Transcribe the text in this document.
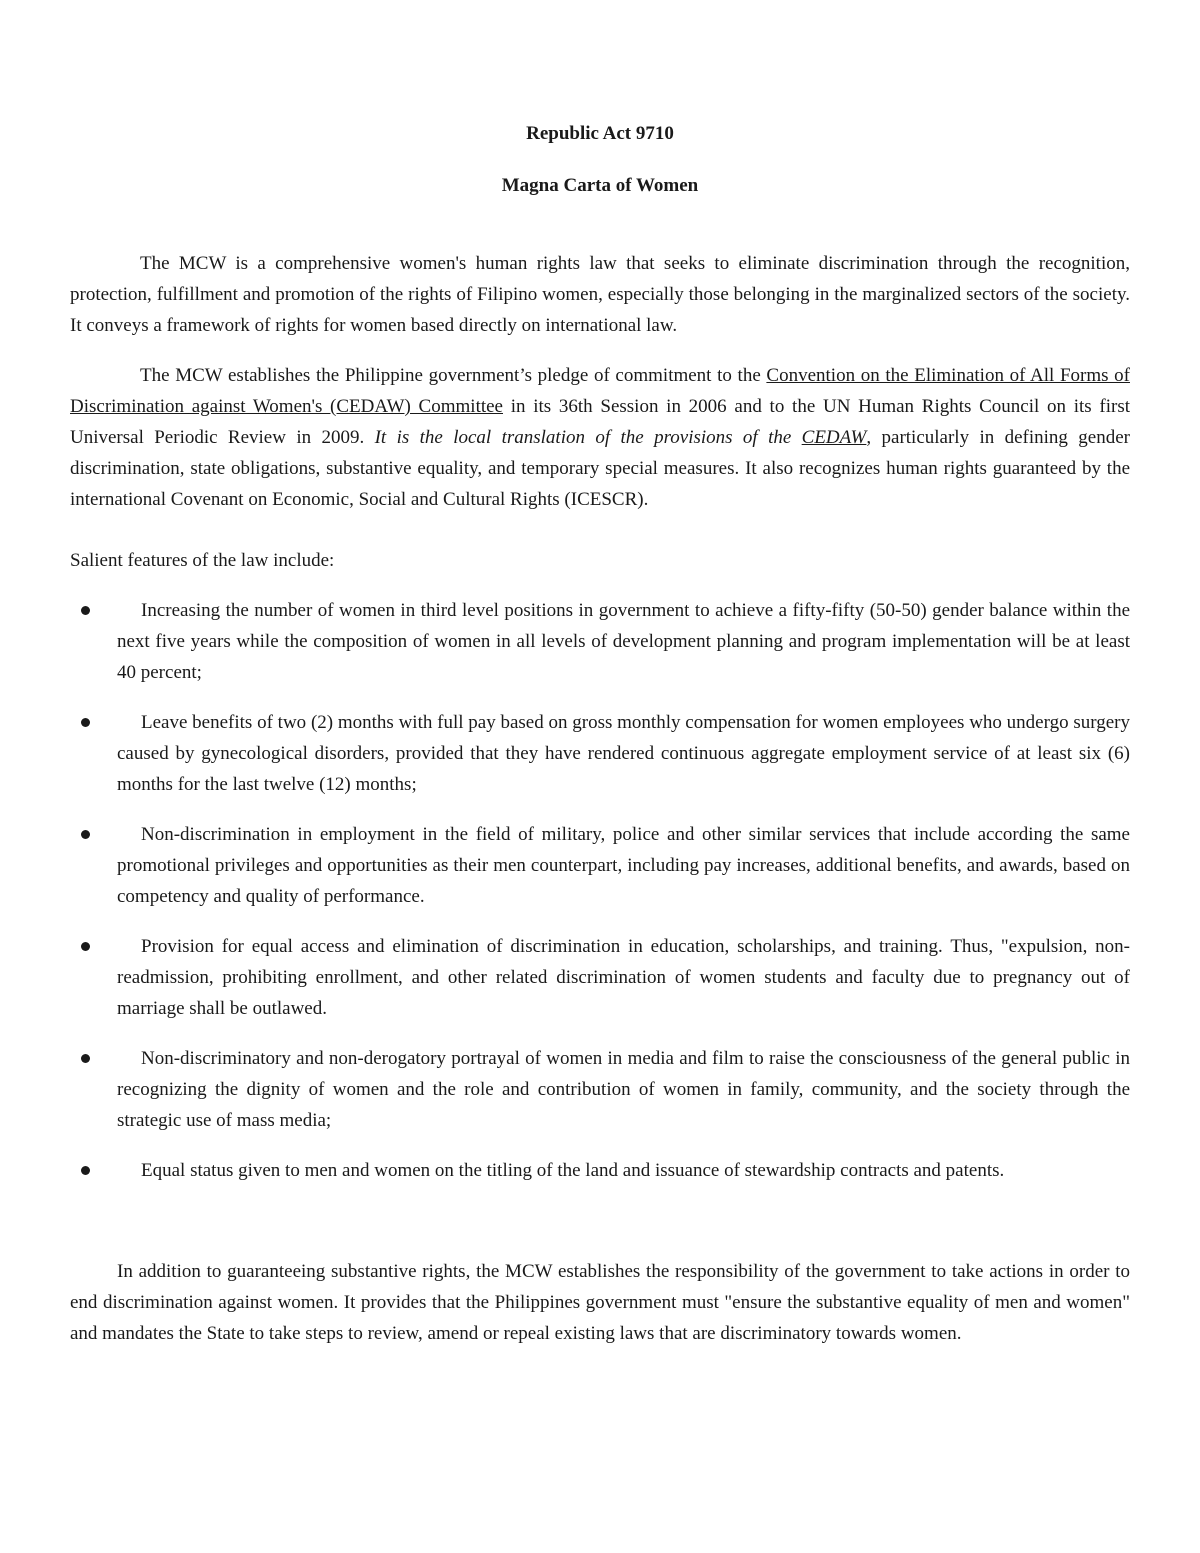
Republic Act 9710

Magna Carta of Women

The MCW is a comprehensive women's human rights law that seeks to eliminate discrimination through the recognition, protection, fulfillment and promotion of the rights of Filipino women, especially those belonging in the marginalized sectors of the society. It conveys a framework of rights for women based directly on international law.

The MCW establishes the Philippine government’s pledge of commitment to the Convention on the Elimination of All Forms of Discrimination against Women's (CEDAW) Committee in its 36th Session in 2006 and to the UN Human Rights Council on its first Universal Periodic Review in 2009. It is the local translation of the provisions of the CEDAW, particularly in defining gender discrimination, state obligations, substantive equality, and temporary special measures. It also recognizes human rights guaranteed by the international Covenant on Economic, Social and Cultural Rights (ICESCR).

Salient features of the law include:

Increasing the number of women in third level positions in government to achieve a fifty-fifty (50-50) gender balance within the next five years while the composition of women in all levels of development planning and program implementation will be at least 40 percent;
Leave benefits of two (2) months with full pay based on gross monthly compensation for women employees who undergo surgery caused by gynecological disorders, provided that they have rendered continuous aggregate employment service of at least six (6) months for the last twelve (12) months;
Non-discrimination in employment in the field of military, police and other similar services that include according the same promotional privileges and opportunities as their men counterpart, including pay increases, additional benefits, and awards, based on competency and quality of performance.
Provision for equal access and elimination of discrimination in education, scholarships, and training. Thus, "expulsion, non-readmission, prohibiting enrollment, and other related discrimination of women students and faculty due to pregnancy out of marriage shall be outlawed.
Non-discriminatory and non-derogatory portrayal of women in media and film to raise the consciousness of the general public in recognizing the dignity of women and the role and contribution of women in family, community, and the society through the strategic use of mass media;
Equal status given to men and women on the titling of the land and issuance of stewardship contracts and patents.

In addition to guaranteeing substantive rights, the MCW establishes the responsibility of the government to take actions in order to end discrimination against women. It provides that the Philippines government must "ensure the substantive equality of men and women" and mandates the State to take steps to review, amend or repeal existing laws that are discriminatory towards women.
